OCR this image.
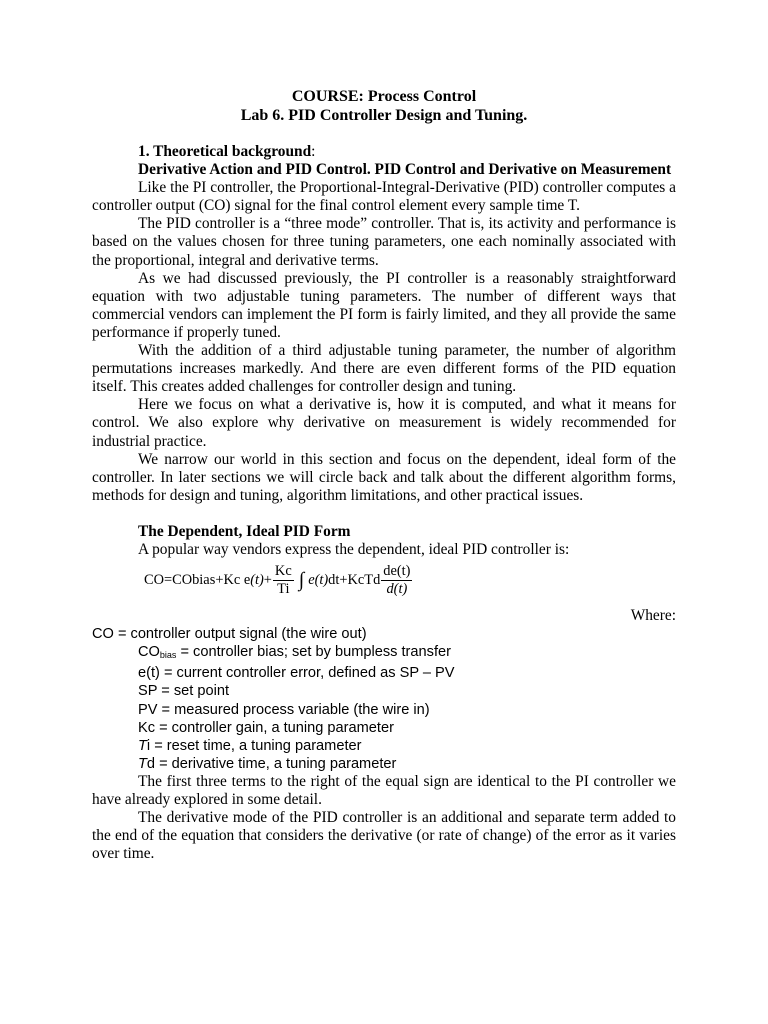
COURSE: Process Control

Lab 6. PID Controller Design and Tuning.

1. Theoretical background:

Derivative Action and PID Control. PID Control and Derivative on Measurement

Like the PI controller, the Proportional-Integral-Derivative (PID) controller computes a controller output (CO) signal for the final control element every sample time T.

The PID controller is a “three mode” controller. That is, its activity and performance is based on the values chosen for three tuning parameters, one each nominally associated with the proportional, integral and derivative terms.

As we had discussed previously, the PI controller is a reasonably straightforward equation with two adjustable tuning parameters. The number of different ways that commercial vendors can implement the PI form is fairly limited, and they all provide the same performance if properly tuned.

With the addition of a third adjustable tuning parameter, the number of algorithm permutations increases markedly. And there are even different forms of the PID equation itself. This creates added challenges for controller design and tuning.

Here we focus on what a derivative is, how it is computed, and what it means for control. We also explore why derivative on measurement is widely recommended for industrial practice.

We narrow our world in this section and focus on the dependent, ideal form of the controller. In later sections we will circle back and talk about the different algorithm forms, methods for design and tuning, algorithm limitations, and other practical issues.

The Dependent, Ideal PID Form

A popular way vendors express the dependent, ideal PID controller is:

CO = CObias + Kc e $(t) + \frac{Kc}{Ti}$ ∫ e(t) dt + KcTd $\frac{de(t)}{d(t)}$

Where:

CO = controller output signal (the wire out)

$CO_{bias}$ = controller bias; set by bumpless transfer

e(t) = current controller error, defined as SP – PV

SP = set point

PV = measured process variable (the wire in)

Kc = controller gain, a tuning parameter

Ti = reset time, a tuning parameter

Td = derivative time, a tuning parameter

The first three terms to the right of the equal sign are identical to the PI controller we have already explored in some detail.

The derivative mode of the PID controller is an additional and separate term added to the end of the equation that considers the derivative (or rate of change) of the error as it varies over time.
